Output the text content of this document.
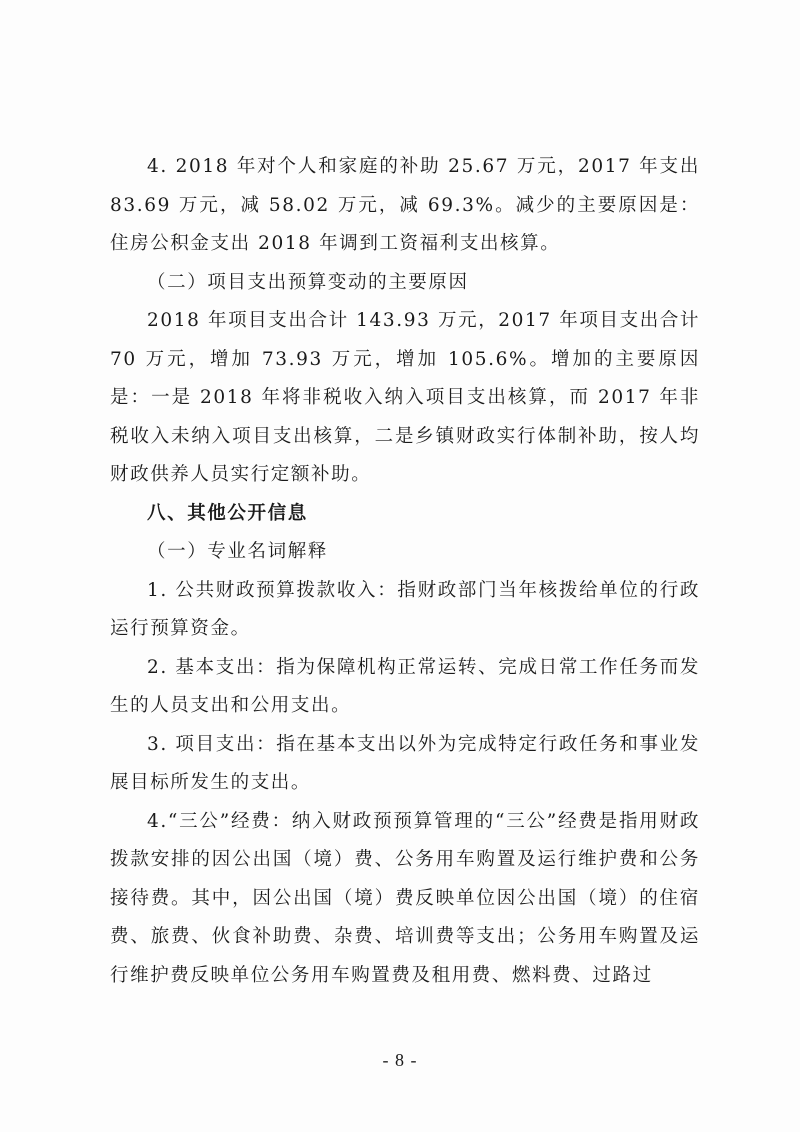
4. 2018 年对个人和家庭的补助 25.67 万元，2017 年支出 83.69 万元，减 58.02 万元，减 69.3%。减少的主要原因是：住房公积金支出 2018 年调到工资福利支出核算。

（二）项目支出预算变动的主要原因

2018 年项目支出合计 143.93 万元，2017 年项目支出合计 70 万元，增加 73.93 万元，增加 105.6%。增加的主要原因是：一是 2018 年将非税收入纳入项目支出核算，而 2017 年非税收入未纳入项目支出核算，二是乡镇财政实行体制补助，按人均财政供养人员实行定额补助。

八、其他公开信息

（一）专业名词解释

1. 公共财政预算拨款收入：指财政部门当年核拨给单位的行政运行预算资金。

2. 基本支出：指为保障机构正常运转、完成日常工作任务而发生的人员支出和公用支出。

3. 项目支出：指在基本支出以外为完成特定行政任务和事业发展目标所发生的支出。

4.“三公”经费：纳入财政预预算管理的“三公”经费是指用财政拨款安排的因公出国（境）费、公务用车购置及运行维护费和公务接待费。其中，因公出国（境）费反映单位因公出国（境）的住宿费、旅费、伙食补助费、杂费、培训费等支出；公务用车购置及运行维护费反映单位公务用车购置费及租用费、燃料费、过路过

- 8 -
